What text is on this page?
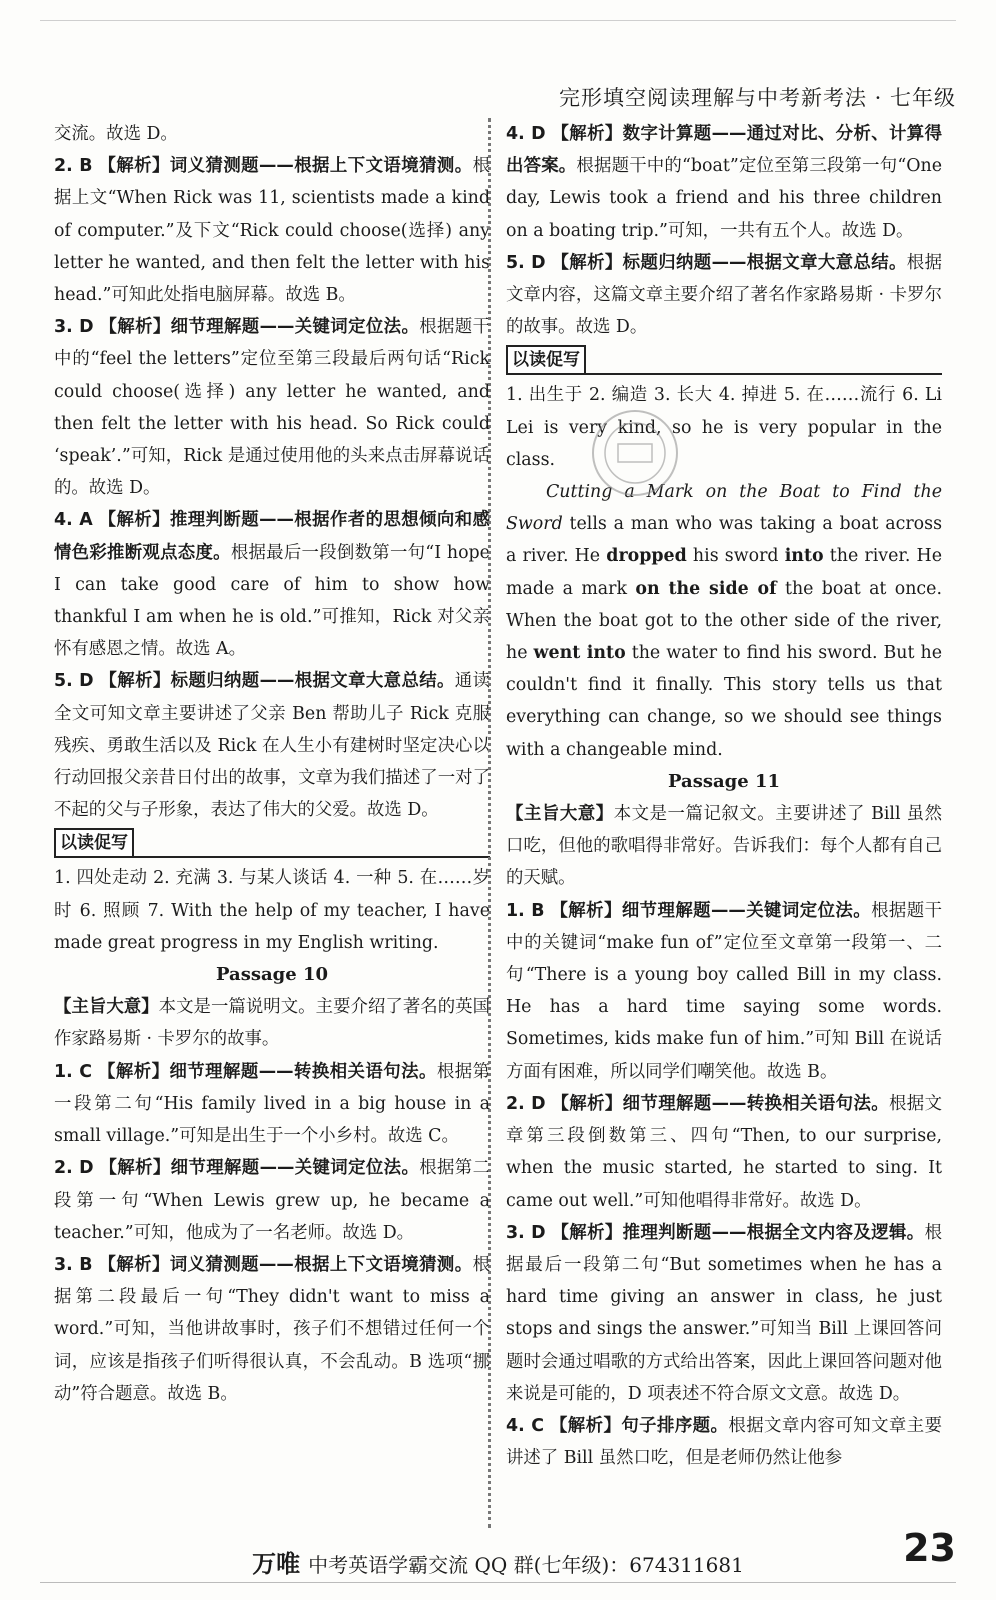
完形填空阅读理解与中考新考法 · 七年级

交流。故选 D。

2. B 【解析】词义猜测题——根据上下文语境猜测。根据上文“When Rick was 11, scientists made a kind of computer.”及下文“Rick could choose(选择) any letter he wanted, and then felt the letter with his head.”可知此处指电脑屏幕。故选 B。

3. D 【解析】细节理解题——关键词定位法。根据题干中的“feel the letters”定位至第三段最后两句话“Rick could choose(选择) any letter he wanted, and then felt the letter with his head. So Rick could ‘speak’.”可知，Rick 是通过使用他的头来点击屏幕说话的。故选 D。

4. A 【解析】推理判断题——根据作者的思想倾向和感情色彩推断观点态度。根据最后一段倒数第一句“I hope I can take good care of him to show how thankful I am when he is old.”可推知，Rick 对父亲怀有感恩之情。故选 A。

5. D 【解析】标题归纳题——根据文章大意总结。通读全文可知文章主要讲述了父亲 Ben 帮助儿子 Rick 克服残疾、勇敢生活以及 Rick 在人生小有建树时坚定决心以行动回报父亲昔日付出的故事，文章为我们描述了一对了不起的父与子形象，表达了伟大的父爱。故选 D。

以读促写

1. 四处走动 2. 充满 3. 与某人谈话 4. 一种 5. 在……岁时 6. 照顾 7. With the help of my teacher, I have made great progress in my English writing.

Passage 10

【主旨大意】本文是一篇说明文。主要介绍了著名的英国作家路易斯 · 卡罗尔的故事。

1. C 【解析】细节理解题——转换相关语句法。根据第一段第二句“His family lived in a big house in a small village.”可知是出生于一个小乡村。故选 C。

2. D 【解析】细节理解题——关键词定位法。根据第二段第一句“When Lewis grew up, he became a teacher.”可知，他成为了一名老师。故选 D。

3. B 【解析】词义猜测题——根据上下文语境猜测。根据第二段最后一句“They didn't want to miss a word.”可知，当他讲故事时，孩子们不想错过任何一个词，应该是指孩子们听得很认真，不会乱动。B 选项“挪动”符合题意。故选 B。

4. D 【解析】数字计算题——通过对比、分析、计算得出答案。根据题干中的“boat”定位至第三段第一句“One day, Lewis took a friend and his three children on a boating trip.”可知，一共有五个人。故选 D。

5. D 【解析】标题归纳题——根据文章大意总结。根据文章内容，这篇文章主要介绍了著名作家路易斯 · 卡罗尔的故事。故选 D。

以读促写

1. 出生于 2. 编造 3. 长大 4. 掉进 5. 在……流行 6. Li Lei is very kind, so he is very popular in the class.

Cutting a Mark on the Boat to Find the Sword tells a man who was taking a boat across a river. He dropped his sword into the river. He made a mark on the side of the boat at once. When the boat got to the other side of the river, he went into the water to find his sword. But he couldn't find it finally. This story tells us that everything can change, so we should see things with a changeable mind.

Passage 11

【主旨大意】本文是一篇记叙文。主要讲述了 Bill 虽然口吃，但他的歌唱得非常好。告诉我们：每个人都有自己的天赋。

1. B 【解析】细节理解题——关键词定位法。根据题干中的关键词“make fun of”定位至文章第一段第一、二句“There is a young boy called Bill in my class. He has a hard time saying some words. Sometimes, kids make fun of him.”可知 Bill 在说话方面有困难，所以同学们嘲笑他。故选 B。

2. D 【解析】细节理解题——转换相关语句法。根据文章第三段倒数第三、四句“Then, to our surprise, when the music started, he started to sing. It came out well.”可知他唱得非常好。故选 D。

3. D 【解析】推理判断题——根据全文内容及逻辑。根据最后一段第二句“But sometimes when he has a hard time giving an answer in class, he just stops and sings the answer.”可知当 Bill 上课回答问题时会通过唱歌的方式给出答案，因此上课回答问题对他来说是可能的，D 项表述不符合原文文意。故选 D。

4. C 【解析】句子排序题。根据文章内容可知文章主要讲述了 Bill 虽然口吃，但是老师仍然让他参

万唯 中考英语学霸交流 QQ 群(七年级)：674311681	23
